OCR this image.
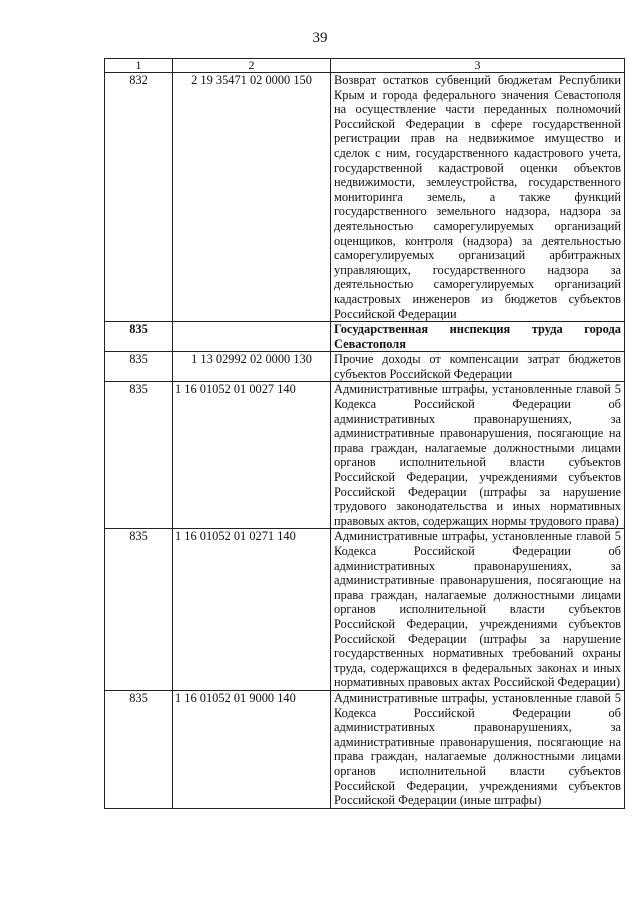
39
1	2	3
832	2 19 35471 02 0000 150	Возврат остатков субвенций бюджетам Республики Крым и города федерального значения Севастополя на осуществление части переданных полномочий Российской Федерации в сфере государственной регистрации прав на недвижимое имущество и сделок с ним, государственного кадастрового учета, государственной кадастровой оценки объектов недвижимости, землеустройства, государственного мониторинга земель, а также функций государственного земельного надзора, надзора за деятельностью саморегулируемых организаций оценщиков, контроля (надзора) за деятельностью саморегулируемых организаций арбитражных управляющих, государственного надзора за деятельностью саморегулируемых организаций кадастровых инженеров из бюджетов субъектов Российской Федерации
835		Государственная инспекция труда города Севастополя
835	1 13 02992 02 0000 130	Прочие доходы от компенсации затрат бюджетов субъектов Российской Федерации
835	1 16 01052 01 0027 140	Административные штрафы, установленные главой 5 Кодекса Российской Федерации об административных правонарушениях, за административные правонарушения, посягающие на права граждан, налагаемые должностными лицами органов исполнительной власти субъектов Российской Федерации, учреждениями субъектов Российской Федерации (штрафы за нарушение трудового законодательства и иных нормативных правовых актов, содержащих нормы трудового права)
835	1 16 01052 01 0271 140	Административные штрафы, установленные главой 5 Кодекса Российской Федерации об административных правонарушениях, за административные правонарушения, посягающие на права граждан, налагаемые должностными лицами органов исполнительной власти субъектов Российской Федерации, учреждениями субъектов Российской Федерации (штрафы за нарушение государственных нормативных требований охраны труда, содержащихся в федеральных законах и иных нормативных правовых актах Российской Федерации)
835	1 16 01052 01 9000 140	Административные штрафы, установленные главой 5 Кодекса Российской Федерации об административных правонарушениях, за административные правонарушения, посягающие на права граждан, налагаемые должностными лицами органов исполнительной власти субъектов Российской Федерации, учреждениями субъектов Российской Федерации (иные штрафы)
